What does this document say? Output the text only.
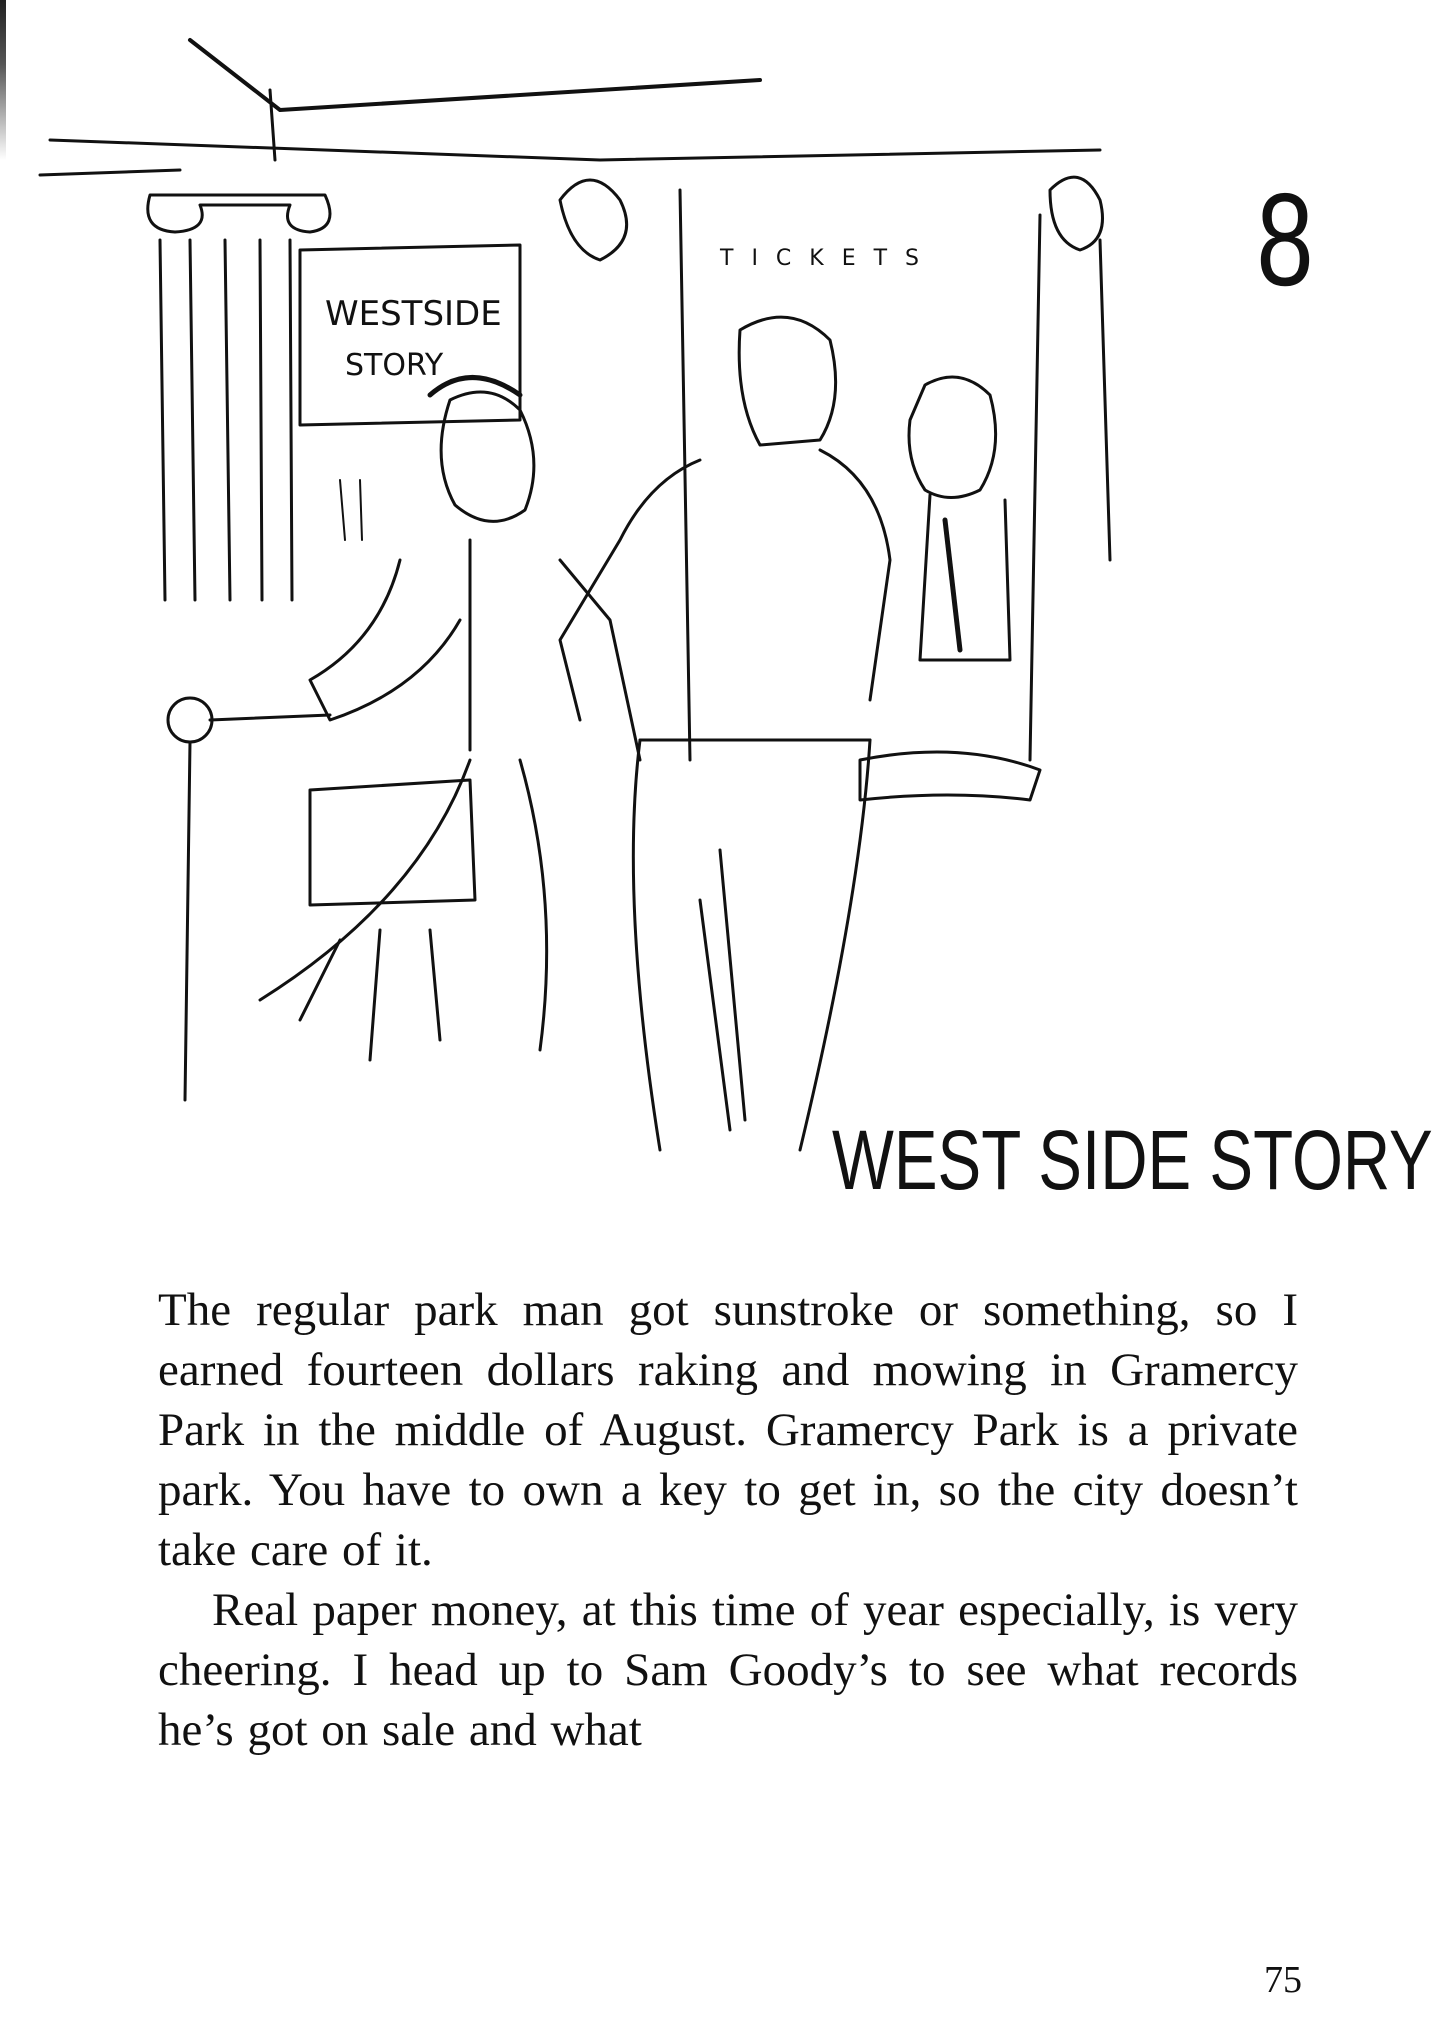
WESTSIDE
STORY
TICKETS 8
WEST SIDE STORY

The regular park man got sunstroke or something, so I earned fourteen dollars raking and mowing in Gramercy Park in the middle of August. Gramercy Park is a private park. You have to own a key to get in, so the city doesn’t take care of it.

Real paper money, at this time of year especially, is very cheering. I head up to Sam Goody’s to see what records he’s got on sale and what

75
